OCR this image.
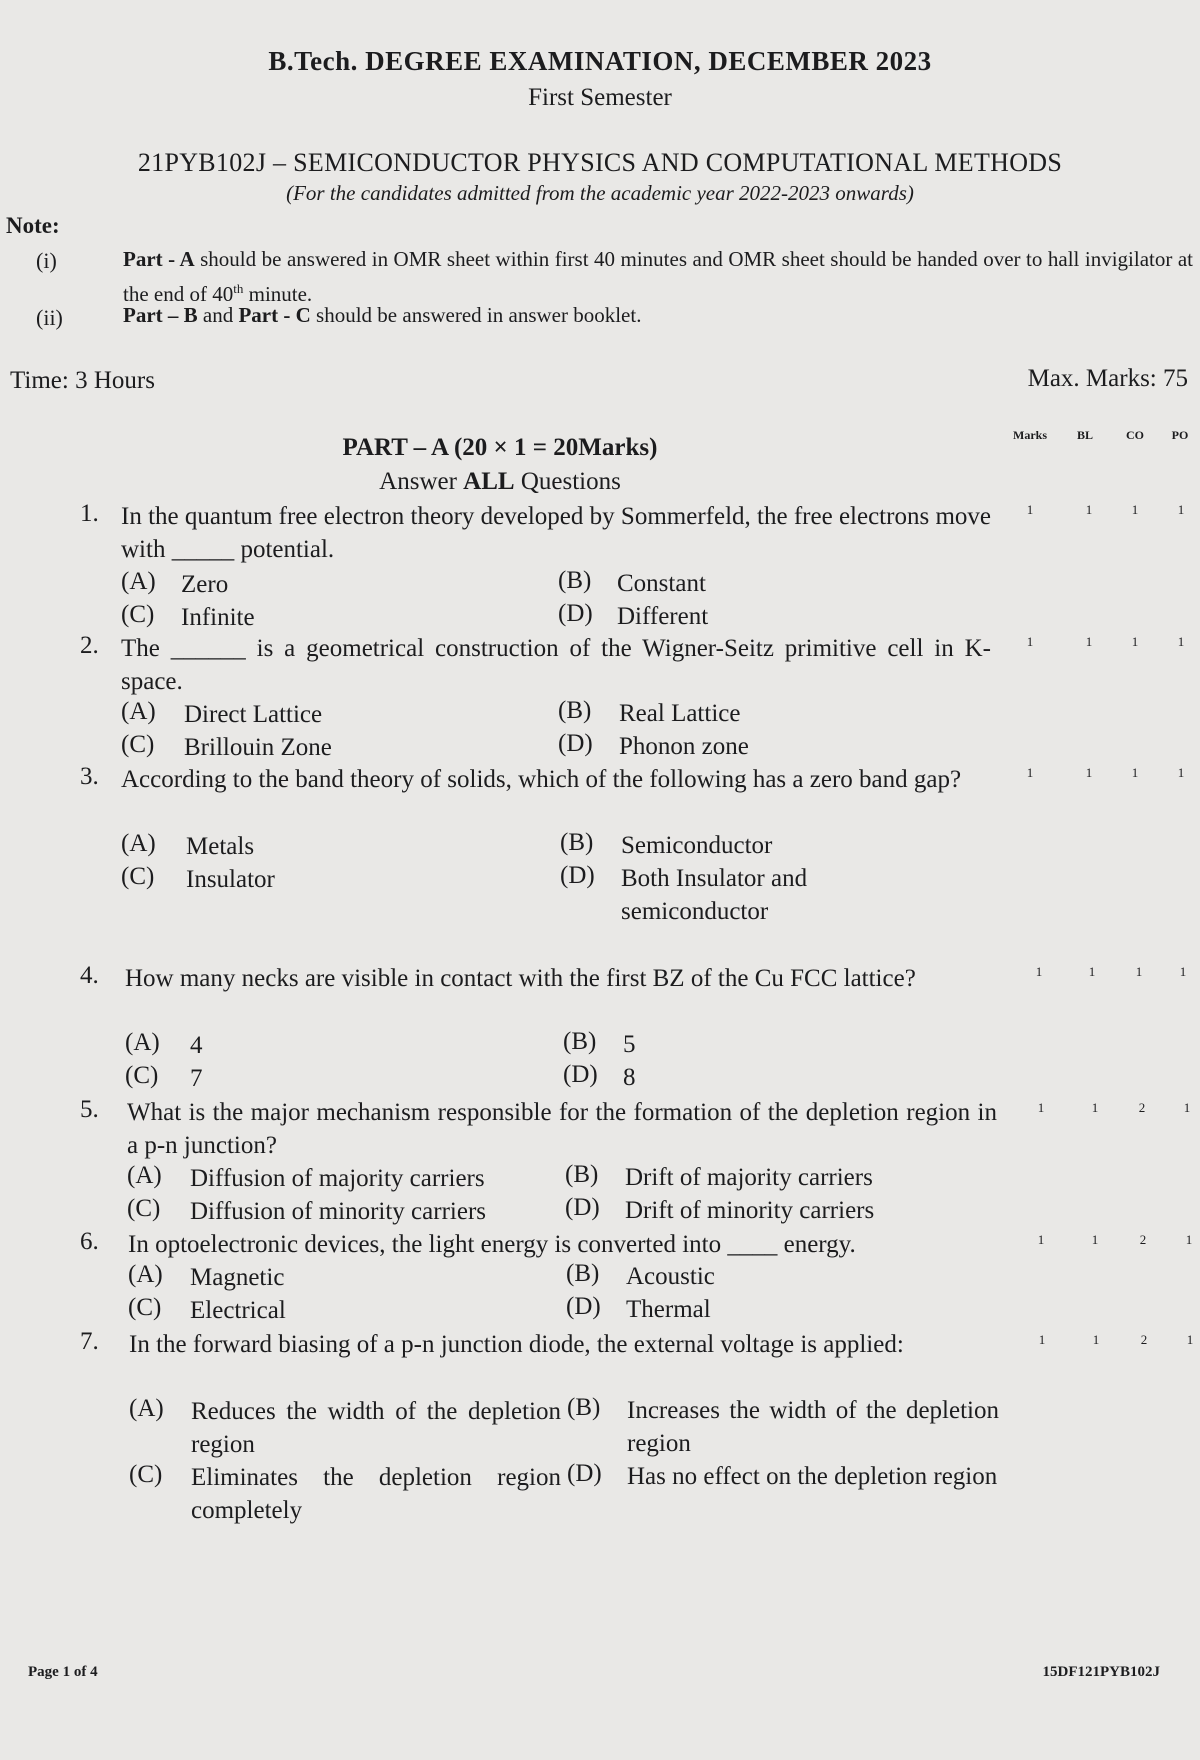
B.Tech. DEGREE EXAMINATION, DECEMBER 2023
First Semester
21PYB102J – SEMICONDUCTOR PHYSICS AND COMPUTATIONAL METHODS
(For the candidates admitted from the academic year 2022-2023 onwards)
Note:
(i)	Part - A should be answered in OMR sheet within first 40 minutes and OMR sheet should be handed over to hall invigilator at the end of 40th minute.
(ii)	Part – B and Part - C should be answered in answer booklet.
Time: 3 Hours	Max. Marks: 75
PART – A (20 × 1 = 20Marks)
Answer ALL Questions
Marks	BL	CO	PO
1. In the quantum free electron theory developed by Sommerfeld, the free electrons move with _____ potential.
(A) Zero	(B) Constant
(C) Infinite	(D) Different
1	1	1	1
2. The ______ is a geometrical construction of the Wigner-Seitz primitive cell in K-space.
(A) Direct Lattice	(B) Real Lattice
(C) Brillouin Zone	(D) Phonon zone
1	1	1	1
3. According to the band theory of solids, which of the following has a zero band gap?
(A) Metals	(B) Semiconductor
(C) Insulator	(D) Both Insulator and semiconductor
1	1	1	1
4. How many necks are visible in contact with the first BZ of the Cu FCC lattice?
(A) 4	(B) 5
(C) 7	(D) 8
1	1	1	1
5. What is the major mechanism responsible for the formation of the depletion region in a p-n junction?
(A) Diffusion of majority carriers	(B) Drift of majority carriers
(C) Diffusion of minority carriers	(D) Drift of minority carriers
1	1	2	1
6. In optoelectronic devices, the light energy is converted into ____ energy.
(A) Magnetic	(B) Acoustic
(C) Electrical	(D) Thermal
1	1	2	1
7. In the forward biasing of a p-n junction diode, the external voltage is applied:
(A) Reduces the width of the depletion region
(B) Increases the width of the depletion region
(C) Eliminates the depletion region completely
(D) Has no effect on the depletion region
1	1	2	1
Page 1 of 4	15DF121PYB102J
